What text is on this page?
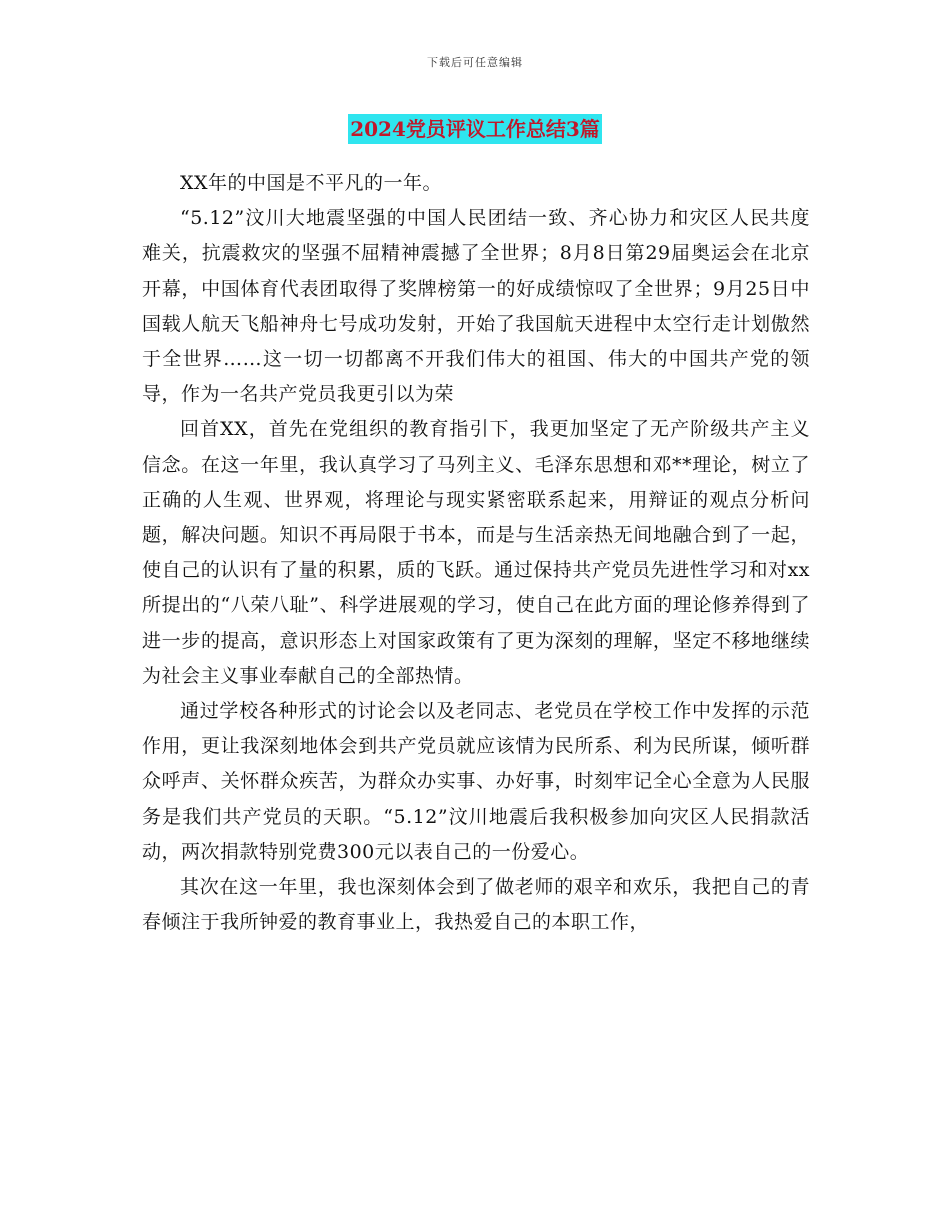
下载后可任意编辑
2024党员评议工作总结3篇

XX年的中国是不平凡的一年。

“5.12”汶川大地震坚强的中国人民团结一致、齐心协力和灾区人民共度难关，抗震救灾的坚强不屈精神震撼了全世界；8月8日第29届奥运会在北京开幕，中国体育代表团取得了奖牌榜第一的好成绩惊叹了全世界；9月25日中国载人航天飞船神舟七号成功发射，开始了我国航天进程中太空行走计划傲然于全世界……这一切一切都离不开我们伟大的祖国、伟大的中国共产党的领导，作为一名共产党员我更引以为荣

回首XX，首先在党组织的教育指引下，我更加坚定了无产阶级共产主义信念。在这一年里，我认真学习了马列主义、毛泽东思想和邓**理论，树立了正确的人生观、世界观，将理论与现实紧密联系起来，用辩证的观点分析问题，解决问题。知识不再局限于书本，而是与生活亲热无间地融合到了一起，使自己的认识有了量的积累，质的飞跃。通过保持共产党员先进性学习和对xx所提出的“八荣八耻”、科学进展观的学习，使自己在此方面的理论修养得到了进一步的提高，意识形态上对国家政策有了更为深刻的理解，坚定不移地继续为社会主义事业奉献自己的全部热情。

通过学校各种形式的讨论会以及老同志、老党员在学校工作中发挥的示范作用，更让我深刻地体会到共产党员就应该情为民所系、利为民所谋，倾听群众呼声、关怀群众疾苦，为群众办实事、办好事，时刻牢记全心全意为人民服务是我们共产党员的天职。“5.12”汶川地震后我积极参加向灾区人民捐款活动，两次捐款特别党费300元以表自己的一份爱心。

其次在这一年里，我也深刻体会到了做老师的艰辛和欢乐，我把自己的青春倾注于我所钟爱的教育事业上，我热爱自己的本职工作，
